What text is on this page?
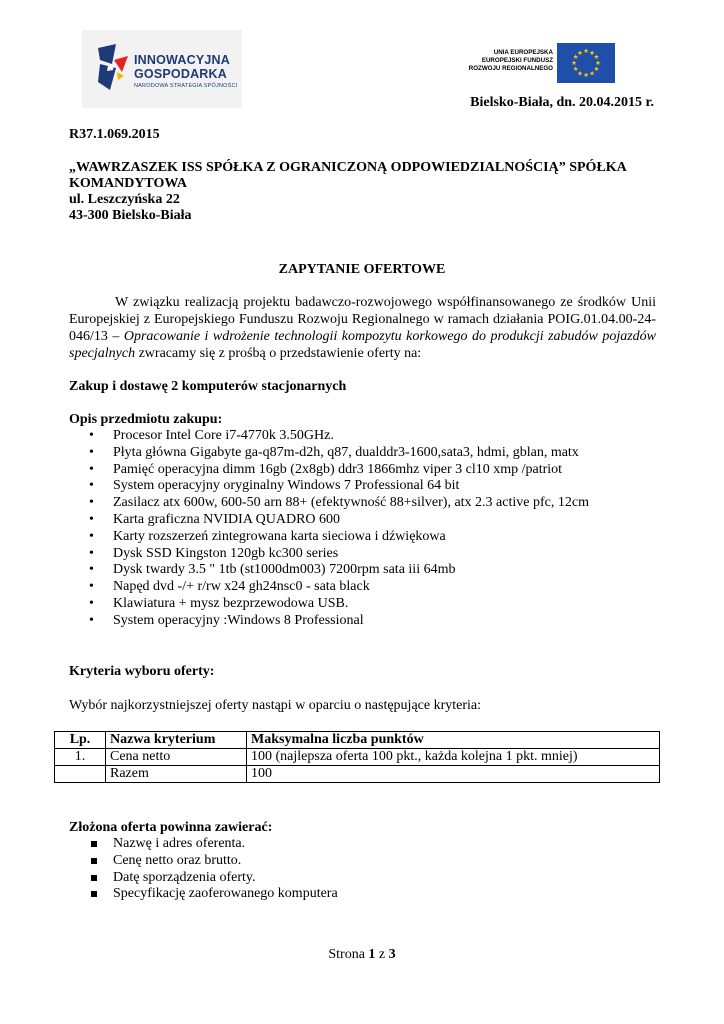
INNOWACYJNA
GOSPODARKA
NARODOWA STRATEGIA SPÓJNOŚCI
UNIA EUROPEJSKA
EUROPEJSKI FUNDUSZ
ROZWOJU REGIONALNEGO
★ ★
★
★
★
★
★
★
★
★
★
★
Bielsko-Biała, dn. 20.04.2015 r.
R37.1.069.2015
„WAWRZASZEK ISS SPÓŁKA Z OGRANICZONĄ ODPOWIEDZIALNOŚCIĄ” SPÓŁKA KOMANDYTOWA
ul. Leszczyńska 22
43-300 Bielsko-Biała
ZAPYTANIE OFERTOWE
W związku realizacją projektu badawczo-rozwojowego współfinansowanego ze środków Unii Europejskiej z Europejskiego Funduszu Rozwoju Regionalnego w ramach działania POIG.01.04.00-24-046/13 – Opracowanie i wdrożenie technologii kompozytu korkowego do produkcji zabudów pojazdów specjalnych zwracamy się z prośbą o przedstawienie oferty na:
Zakup i dostawę 2 komputerów stacjonarnych
Opis przedmiotu zakupu:
• Procesor Intel Core i7-4770k 3.50GHz.
• Płyta główna Gigabyte ga-q87m-d2h, q87, dualddr3-1600,sata3, hdmi, gblan, matx
• Pamięć operacyjna dimm 16gb (2x8gb) ddr3 1866mhz viper 3 cl10 xmp /patriot
• System operacyjny oryginalny Windows 7 Professional 64 bit
• Zasilacz atx 600w, 600-50 arn 88+ (efektywność 88+silver), atx 2.3 active pfc, 12cm
• Karta graficzna NVIDIA QUADRO 600
• Karty rozszerzeń zintegrowana karta sieciowa i dźwiękowa
• Dysk SSD Kingston 120gb kc300 series
• Dysk twardy 3.5 " 1tb (st1000dm003) 7200rpm sata iii 64mb
• Napęd dvd -/+ r/rw x24 gh24nsc0 - sata black
• Klawiatura + mysz bezprzewodowa USB.
• System operacyjny :Windows 8 Professional
Kryteria wyboru oferty:
Wybór najkorzystniejszej oferty nastąpi w oparciu o następujące kryteria:
Lp.	Nazwa kryterium	Maksymalna liczba punktów
1.	Cena netto	100 (najlepsza oferta 100 pkt., każda kolejna 1 pkt. mniej)
	Razem	100
Złożona oferta powinna zawierać:
Nazwę i adres oferenta.
Cenę netto oraz brutto.
Datę sporządzenia oferty.
Specyfikację zaoferowanego komputera
Strona 1 z 3
